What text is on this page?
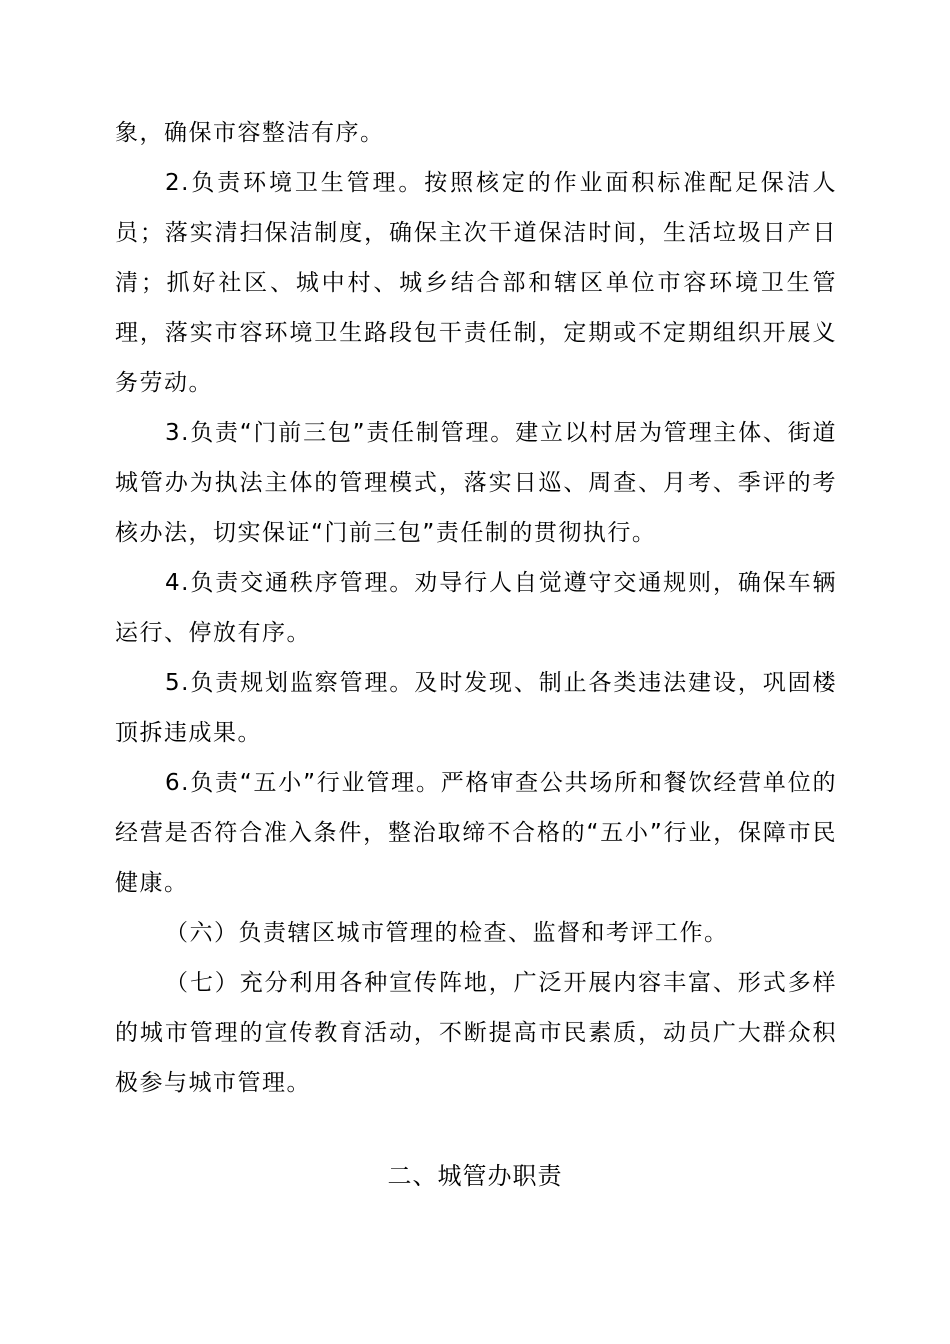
象，确保市容整洁有序。

2.负责环境卫生管理。按照核定的作业面积标准配足保洁人员；落实清扫保洁制度，确保主次干道保洁时间，生活垃圾日产日清；抓好社区、城中村、城乡结合部和辖区单位市容环境卫生管理，落实市容环境卫生路段包干责任制，定期或不定期组织开展义务劳动。

3.负责“门前三包”责任制管理。建立以村居为管理主体、街道城管办为执法主体的管理模式，落实日巡、周查、月考、季评的考核办法，切实保证“门前三包”责任制的贯彻执行。

4.负责交通秩序管理。劝导行人自觉遵守交通规则，确保车辆运行、停放有序。

5.负责规划监察管理。及时发现、制止各类违法建设，巩固楼顶拆违成果。

6.负责“五小”行业管理。严格审查公共场所和餐饮经营单位的经营是否符合准入条件，整治取缔不合格的“五小”行业，保障市民健康。

（六）负责辖区城市管理的检查、监督和考评工作。

（七）充分利用各种宣传阵地，广泛开展内容丰富、形式多样的城市管理的宣传教育活动，不断提高市民素质，动员广大群众积极参与城市管理。

二、城管办职责
